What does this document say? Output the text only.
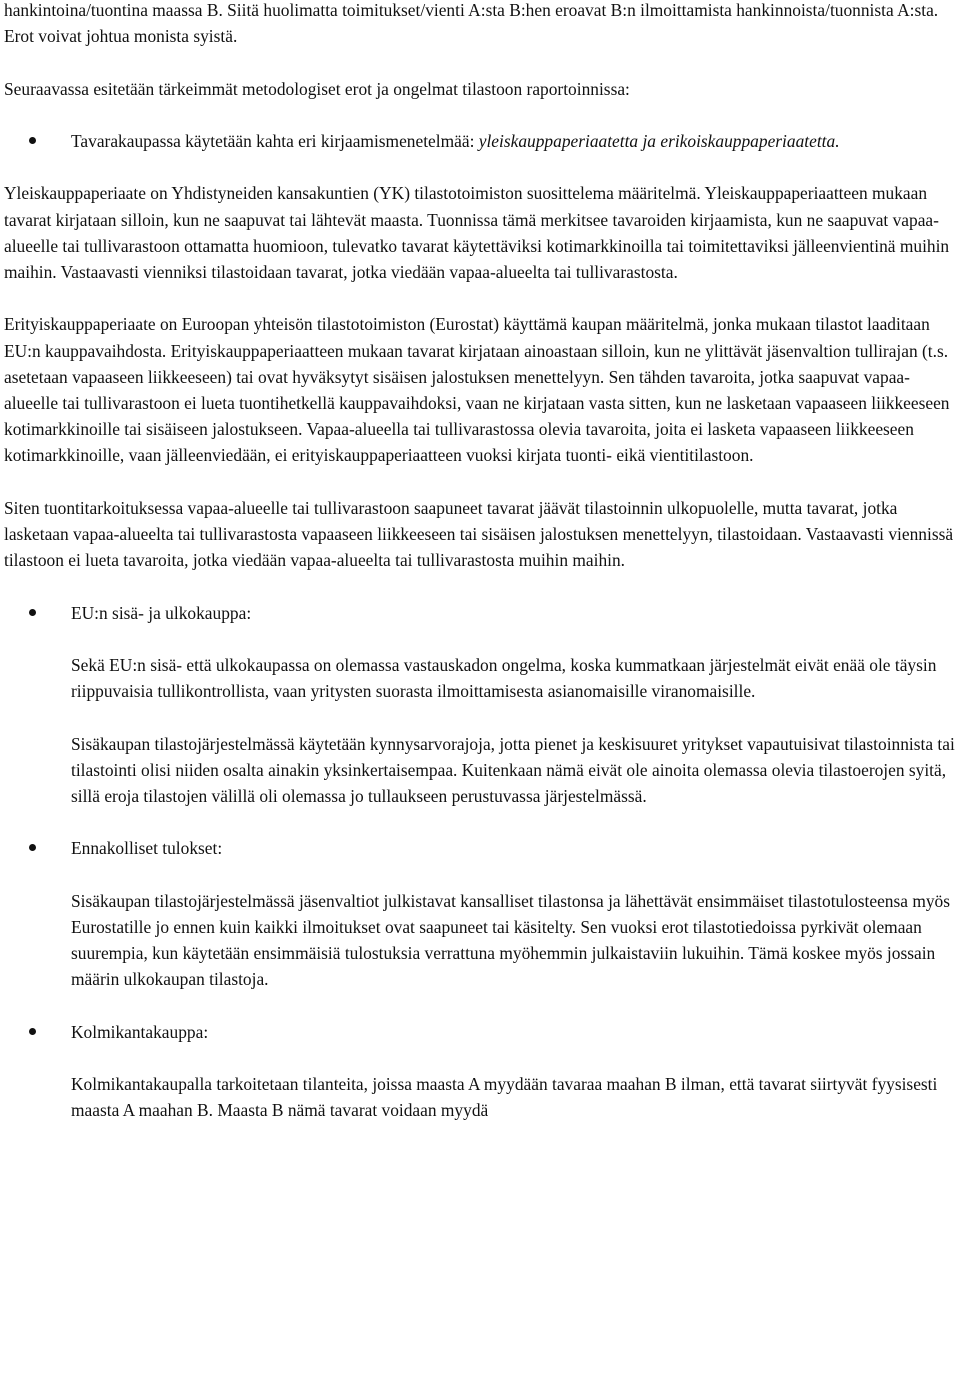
hankintoina/tuontina maassa B. Siitä huolimatta toimitukset/vienti A:sta B:hen eroavat B:n ilmoittamista hankinnoista/tuonnista A:sta. Erot voivat johtua monista syistä.

Seuraavassa esitetään tärkeimmät metodologiset erot ja ongelmat tilastoon raportoinnissa:

Tavarakaupassa käytetään kahta eri kirjaamismenetelmää: yleiskauppaperiaatetta ja erikoiskauppaperiaatetta.

Yleiskauppaperiaate on Yhdistyneiden kansakuntien (YK) tilastotoimiston suosittelema määritelmä. Yleiskauppaperiaatteen mukaan tavarat kirjataan silloin, kun ne saapuvat tai lähtevät maasta. Tuonnissa tämä merkitsee tavaroiden kirjaamista, kun ne saapuvat vapaa-alueelle tai tullivarastoon ottamatta huomioon, tulevatko tavarat käytettäviksi kotimarkkinoilla tai toimitettaviksi jälleenvientinä muihin maihin. Vastaavasti vienniksi tilastoidaan tavarat, jotka viedään vapaa-alueelta tai tullivarastosta.

Erityiskauppaperiaate on Euroopan yhteisön tilastotoimiston (Eurostat) käyttämä kaupan määritelmä, jonka mukaan tilastot laaditaan EU:n kauppavaihdosta. Erityiskauppaperiaatteen mukaan tavarat kirjataan ainoastaan silloin, kun ne ylittävät jäsenvaltion tullirajan (t.s. asetetaan vapaaseen liikkeeseen) tai ovat hyväksytyt sisäisen jalostuksen menettelyyn. Sen tähden tavaroita, jotka saapuvat vapaa-alueelle tai tullivarastoon ei lueta tuontihetkellä kauppavaihdoksi, vaan ne kirjataan vasta sitten, kun ne lasketaan vapaaseen liikkeeseen kotimarkkinoille tai sisäiseen jalostukseen. Vapaa-alueella tai tullivarastossa olevia tavaroita, joita ei lasketa vapaaseen liikkeeseen kotimarkkinoille, vaan jälleenviedään, ei erityiskauppaperiaatteen vuoksi kirjata tuonti- eikä vientitilastoon.

Siten tuontitarkoituksessa vapaa-alueelle tai tullivarastoon saapuneet tavarat jäävät tilastoinnin ulkopuolelle, mutta tavarat, jotka lasketaan vapaa-alueelta tai tullivarastosta vapaaseen liikkeeseen tai sisäisen jalostuksen menettelyyn, tilastoidaan. Vastaavasti viennissä tilastoon ei lueta tavaroita, jotka viedään vapaa-alueelta tai tullivarastosta muihin maihin.

EU:n sisä- ja ulkokauppa:

Sekä EU:n sisä- että ulkokaupassa on olemassa vastauskadon ongelma, koska kummatkaan järjestelmät eivät enää ole täysin riippuvaisia tullikontrollista, vaan yritysten suorasta ilmoittamisesta asianomaisille viranomaisille.

Sisäkaupan tilastojärjestelmässä käytetään kynnysarvorajoja, jotta pienet ja keskisuuret yritykset vapautuisivat tilastoinnista tai tilastointi olisi niiden osalta ainakin yksinkertaisempaa. Kuitenkaan nämä eivät ole ainoita olemassa olevia tilastoerojen syitä, sillä eroja tilastojen välillä oli olemassa jo tullaukseen perustuvassa järjestelmässä.

Ennakolliset tulokset:

Sisäkaupan tilastojärjestelmässä jäsenvaltiot julkistavat kansalliset tilastonsa ja lähettävät ensimmäiset tilastotulosteensa myös Eurostatille jo ennen kuin kaikki ilmoitukset ovat saapuneet tai käsitelty. Sen vuoksi erot tilastotiedoissa pyrkivät olemaan suurempia, kun käytetään ensimmäisiä tulostuksia verrattuna myöhemmin julkaistaviin lukuihin. Tämä koskee myös jossain määrin ulkokaupan tilastoja.

Kolmikantakauppa:

Kolmikantakaupalla tarkoitetaan tilanteita, joissa maasta A myydään tavaraa maahan B ilman, että tavarat siirtyvät fyysisesti maasta A maahan B. Maasta B nämä tavarat voidaan myydä
